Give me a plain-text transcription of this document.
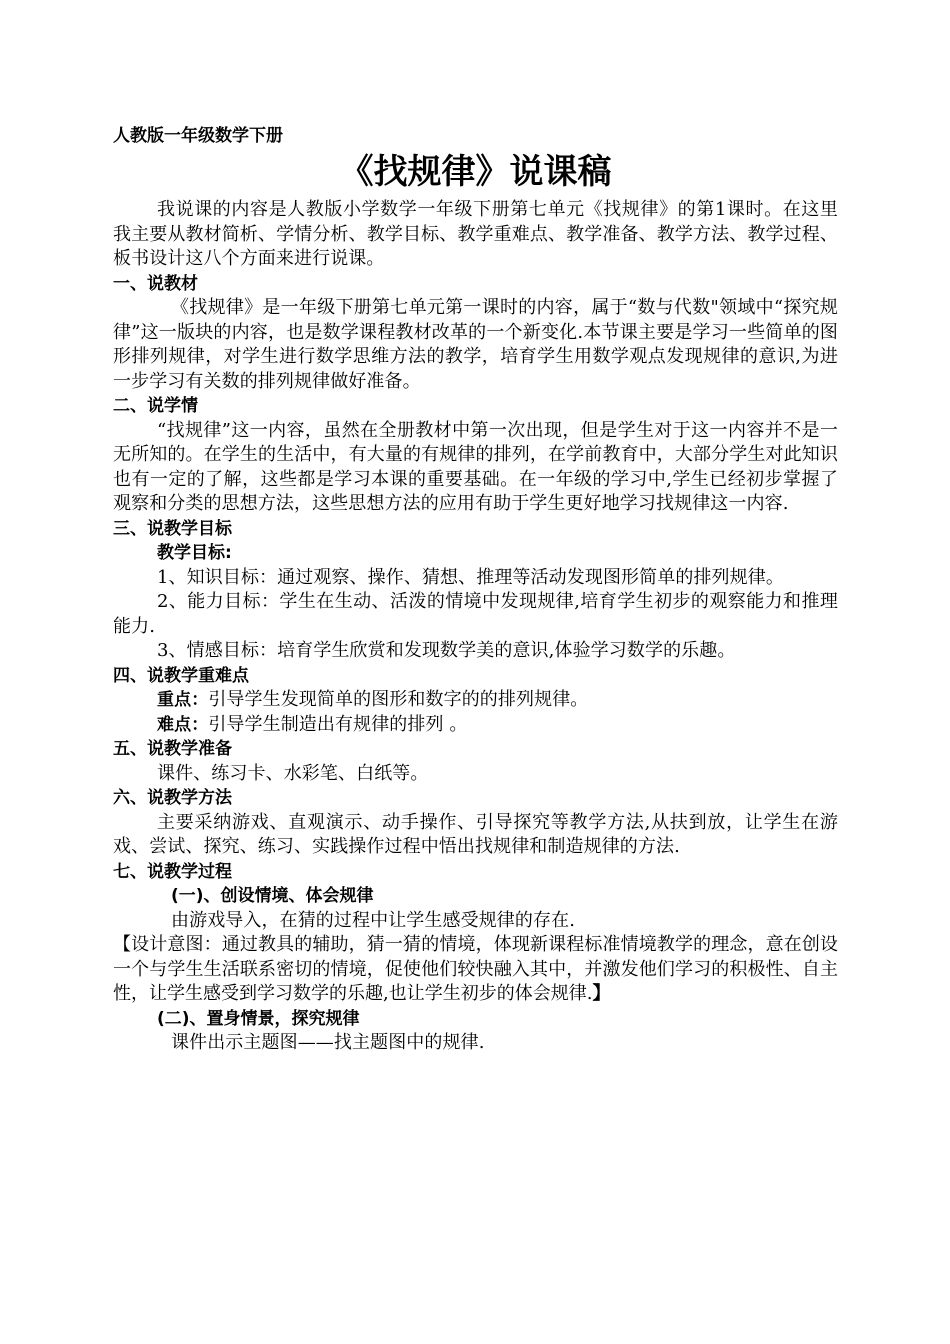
人教版一年级数学下册
《找规律》说课稿
我说课的内容是人教版小学数学一年级下册第七单元《找规律》的第1课时。在这里我主要从教材简析、学情分析、教学目标、教学重难点、教学准备、教学方法、教学过程、板书设计这八个方面来进行说课。
一、说教材
《找规律》是一年级下册第七单元第一课时的内容，属于“数与代数"领域中“探究规律”这一版块的内容，也是数学课程教材改革的一个新变化.本节课主要是学习一些简单的图形排列规律，对学生进行数学思维方法的教学，培育学生用数学观点发现规律的意识,为进一步学习有关数的排列规律做好准备。
二、说学情
“找规律”这一内容，虽然在全册教材中第一次出现，但是学生对于这一内容并不是一无所知的。在学生的生活中，有大量的有规律的排列，在学前教育中，大部分学生对此知识也有一定的了解，这些都是学习本课的重要基础。在一年级的学习中,学生已经初步掌握了观察和分类的思想方法，这些思想方法的应用有助于学生更好地学习找规律这一内容.
三、说教学目标
教学目标:
1、知识目标：通过观察、操作、猜想、推理等活动发现图形简单的排列规律。
2、能力目标：学生在生动、活泼的情境中发现规律,培育学生初步的观察能力和推理能力.
3、情感目标：培育学生欣赏和发现数学美的意识,体验学习数学的乐趣。
四、说教学重难点
重点：引导学生发现简单的图形和数字的的排列规律。
难点：引导学生制造出有规律的排列 。
五、说教学准备
课件、练习卡、水彩笔、白纸等。
六、说教学方法
主要采纳游戏、直观演示、动手操作、引导探究等教学方法,从扶到放，让学生在游戏、尝试、探究、练习、实践操作过程中悟出找规律和制造规律的方法.
七、说教学过程
(一)、创设情境、体会规律
由游戏导入，在猜的过程中让学生感受规律的存在.
【设计意图：通过教具的辅助，猜一猜的情境，体现新课程标准情境教学的理念，意在创设一个与学生生活联系密切的情境，促使他们较快融入其中，并激发他们学习的积极性、自主性，让学生感受到学习数学的乐趣,也让学生初步的体会规律.】
(二)、置身情景，探究规律
课件出示主题图——找主题图中的规律.
